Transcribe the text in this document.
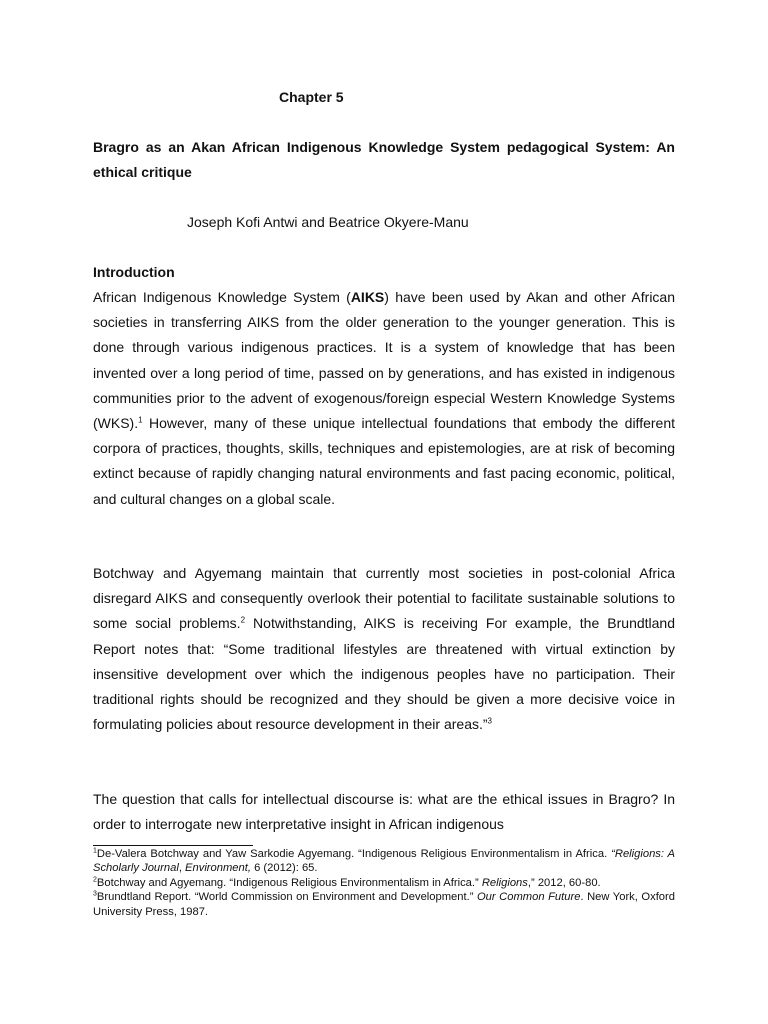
Chapter 5
Bragro as an Akan African Indigenous Knowledge System pedagogical System: An ethical critique
Joseph Kofi Antwi and Beatrice Okyere-Manu
Introduction

African Indigenous Knowledge System (AIKS) have been used by Akan and other African societies in transferring AIKS from the older generation to the younger generation. This is done through various indigenous practices. It is a system of knowledge that has been invented over a long period of time, passed on by generations, and has existed in indigenous communities prior to the advent of exogenous/foreign especial Western Knowledge Systems (WKS).$^1$ However, many of these unique intellectual foundations that embody the different corpora of practices, thoughts, skills, techniques and epistemologies, are at risk of becoming extinct because of rapidly changing natural environments and fast pacing economic, political, and cultural changes on a global scale.

Botchway and Agyemang maintain that currently most societies in post-colonial Africa disregard AIKS and consequently overlook their potential to facilitate sustainable solutions to some social problems.$^2$ Notwithstanding, AIKS is receiving For example, the Brundtland Report notes that: “Some traditional lifestyles are threatened with virtual extinction by insensitive development over which the indigenous peoples have no participation. Their traditional rights should be recognized and they should be given a more decisive voice in formulating policies about resource development in their areas.”$^3$

The question that calls for intellectual discourse is: what are the ethical issues in Bragro? In order to interrogate new interpretative insight in African indigenous

$^1$De-Valera Botchway and Yaw Sarkodie Agyemang. “Indigenous Religious Environmentalism in Africa. “Religions: A Scholarly Journal, Environment, 6 (2012): 65.

$^2$Botchway and Agyemang. “Indigenous Religious Environmentalism in Africa.” Religions,” 2012, 60-80.

$^3$Brundtland Report. “World Commission on Environment and Development.” Our Common Future. New York, Oxford University Press, 1987.
